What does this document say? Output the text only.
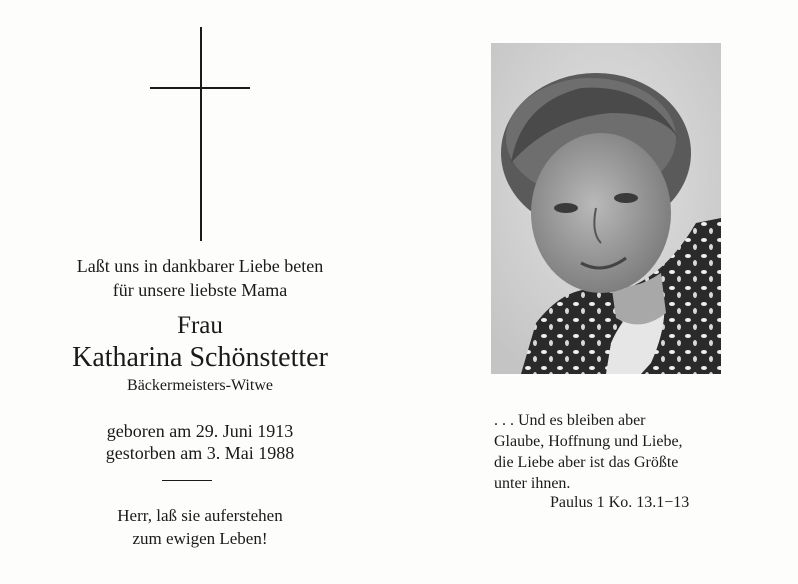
Laßt uns in dankbarer Liebe beten
für unsere liebste Mama
Frau
Katharina Schönstetter
Bäckermeisters-Witwe
geboren am 29. Juni 1913
gestorben am 3. Mai 1988
Herr, laß sie auferstehen
zum ewigen Leben!
. . . Und es bleiben aber
Glaube, Hoffnung und Liebe,
die Liebe aber ist das Größte
unter ihnen.
Paulus 1 Ko. 13.1−13
